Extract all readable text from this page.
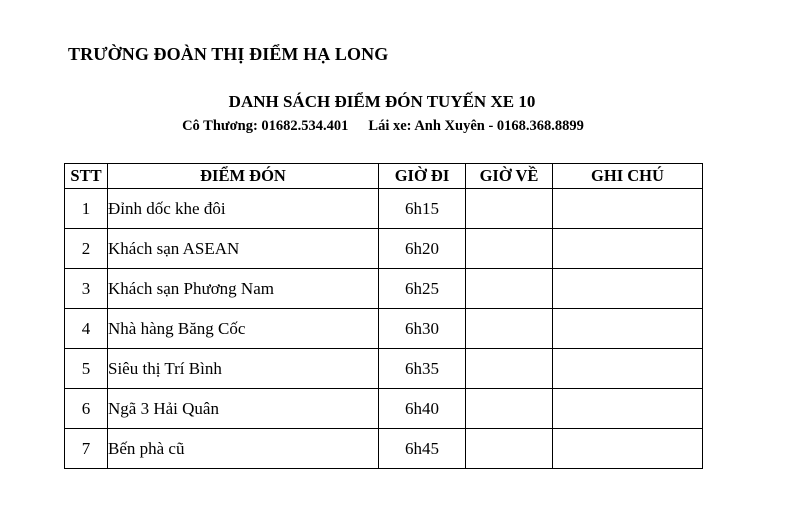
TRƯỜNG ĐOÀN THỊ ĐIỂM HẠ LONG
DANH SÁCH ĐIỂM ĐÓN TUYẾN XE 10
Cô Thương: 01682.534.401 Lái xe: Anh Xuyên - 0168.368.8899
STT	ĐIỂM ĐÓN	GIỜ ĐI	GIỜ VỀ	GHI CHÚ
1	Đỉnh dốc khe đôi	6h15		
2	Khách sạn ASEAN	6h20		
3	Khách sạn Phương Nam	6h25		
4	Nhà hàng Băng Cốc	6h30		
5	Siêu thị Trí Bình	6h35		
6	Ngã 3 Hải Quân	6h40		
7	Bến phà cũ	6h45		
